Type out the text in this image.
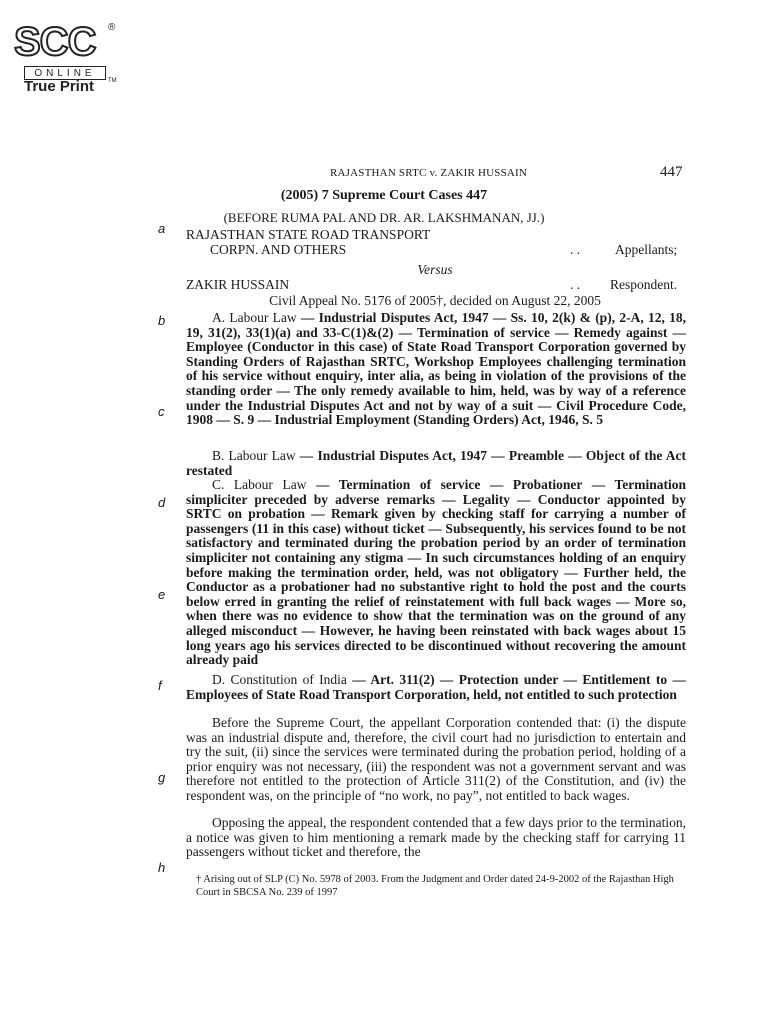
SCC ®
ONLINE
True Print TM
RAJASTHAN SRTC v. ZAKIR HUSSAIN	447
(2005) 7 Supreme Court Cases 447
(BEFORE RUMA PAL AND DR. AR. LAKSHMANAN, JJ.)
a
b
c
d
e
f
g
h
RAJASTHAN STATE ROAD TRANSPORT
CORPN. AND OTHERS	. .	Appellants;
Versus
ZAKIR HUSSAIN	. . Respondent.
Civil Appeal No. 5176 of 2005†, decided on August 22, 2005
A. Labour Law — Industrial Disputes Act, 1947 — Ss. 10, 2(k) & (p), 2-A, 12, 18, 19, 31(2), 33(1)(a) and 33-C(1)&(2) — Termination of service — Remedy against — Employee (Conductor in this case) of State Road Transport Corporation governed by Standing Orders of Rajasthan SRTC, Workshop Employees challenging termination of his service without enquiry, inter alia, as being in violation of the provisions of the standing order — The only remedy available to him, held, was by way of a reference under the Industrial Disputes Act and not by way of a suit — Civil Procedure Code, 1908 — S. 9 — Industrial Employment (Standing Orders) Act, 1946, S. 5
B. Labour Law — Industrial Disputes Act, 1947 — Preamble — Object of the Act restated
C. Labour Law — Termination of service — Probationer — Termination simpliciter preceded by adverse remarks — Legality — Conductor appointed by SRTC on probation — Remark given by checking staff for carrying a number of passengers (11 in this case) without ticket — Subsequently, his services found to be not satisfactory and terminated during the probation period by an order of termination simpliciter not containing any stigma — In such circumstances holding of an enquiry before making the termination order, held, was not obligatory — Further held, the Conductor as a probationer had no substantive right to hold the post and the courts below erred in granting the relief of reinstatement with full back wages — More so, when there was no evidence to show that the termination was on the ground of any alleged misconduct — However, he having been reinstated with back wages about 15 long years ago his services directed to be discontinued without recovering the amount already paid
D. Constitution of India — Art. 311(2) — Protection under — Entitlement to — Employees of State Road Transport Corporation, held, not entitled to such protection
Before the Supreme Court, the appellant Corporation contended that: (i) the dispute was an industrial dispute and, therefore, the civil court had no jurisdiction to entertain and try the suit, (ii) since the services were terminated during the probation period, holding of a prior enquiry was not necessary, (iii) the respondent was not a government servant and was therefore not entitled to the protection of Article 311(2) of the Constitution, and (iv) the respondent was, on the principle of “no work, no pay”, not entitled to back wages.
Opposing the appeal, the respondent contended that a few days prior to the termination, a notice was given to him mentioning a remark made by the checking staff for carrying 11 passengers without ticket and therefore, the
† Arising out of SLP (C) No. 5978 of 2003. From the Judgment and Order dated 24-9-2002 of the Rajasthan High Court in SBCSA No. 239 of 1997
